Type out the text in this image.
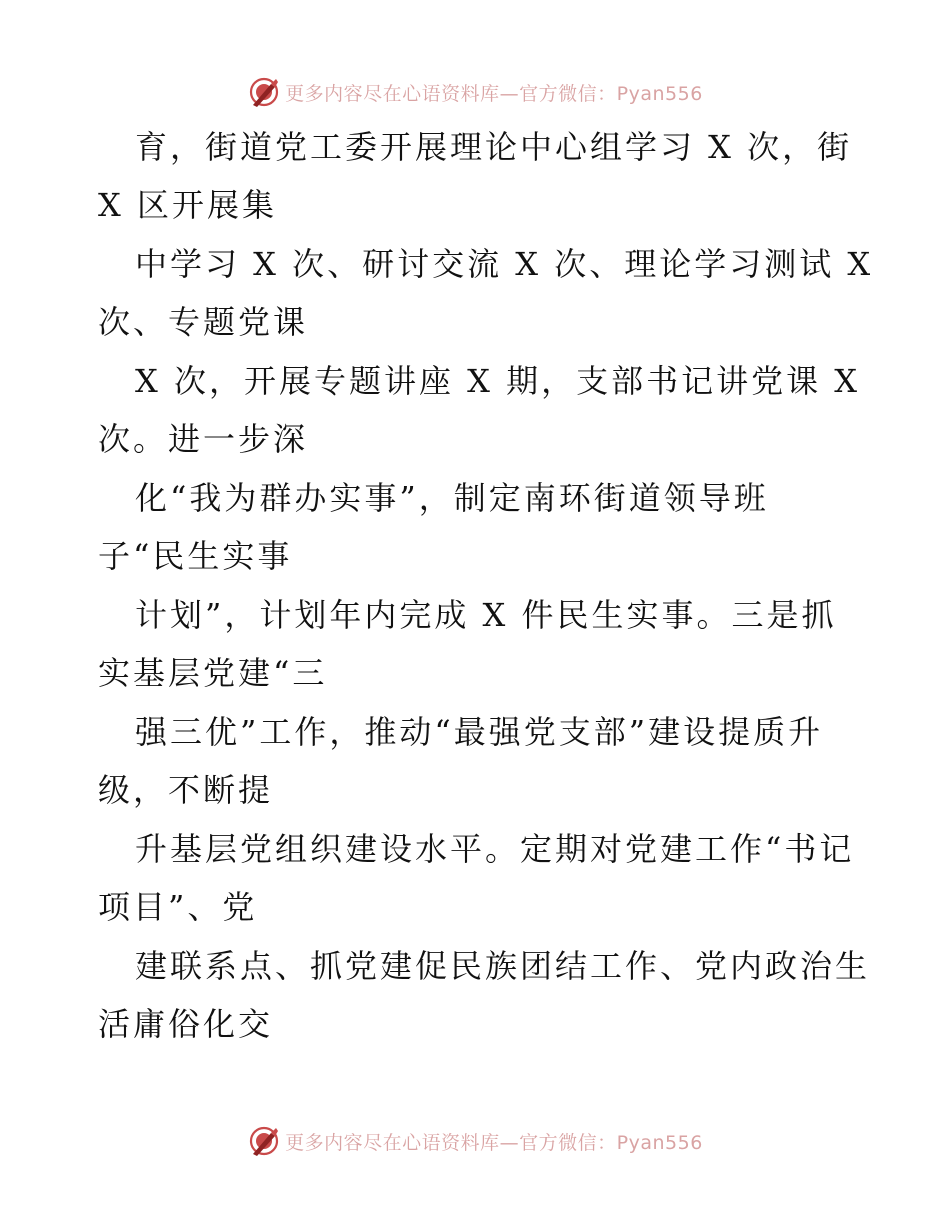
更多内容尽在心语资料库—官方微信：Pyan556
育，街道党工委开展理论中心组学习 X 次，街
X 区开展集
中学习 X 次、研讨交流 X 次、理论学习测试 X
次、专题党课
X 次，开展专题讲座 X 期，支部书记讲党课 X
次。进一步深
化“我为群办实事”，制定南环街道领导班
子“民生实事
计划”，计划年内完成 X 件民生实事。三是抓
实基层党建“三
强三优”工作，推动“最强党支部”建设提质升
级，不断提
升基层党组织建设水平。定期对党建工作“书记
项目”、党
建联系点、抓党建促民族团结工作、党内政治生
活庸俗化交
更多内容尽在心语资料库—官方微信：Pyan556
